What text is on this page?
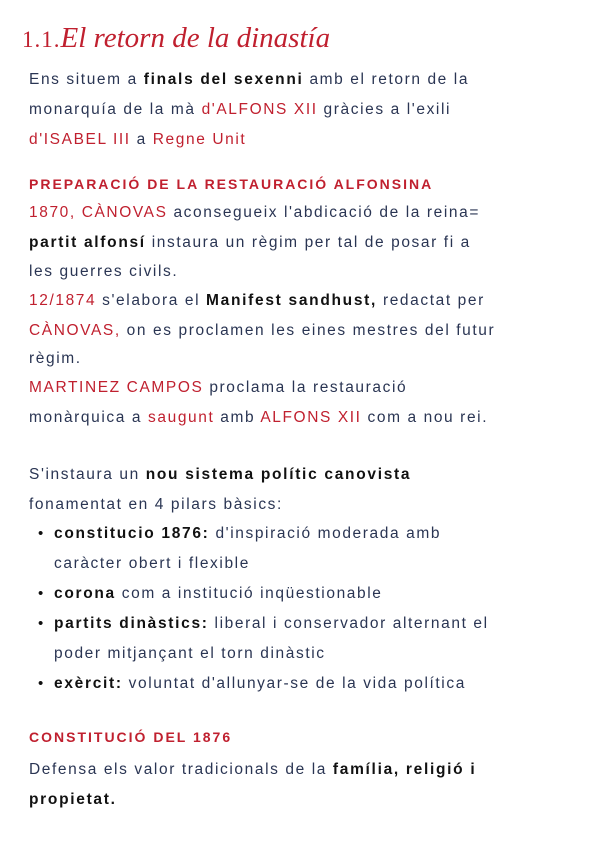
1.1.El retorn de la dinastía
Ens situem a finals del sexenni amb el retorn de la
monarquía de la mà d'ALFONS XII gràcies a l'exili
d'ISABEL III a Regne Unit
PREPARACIÓ DE LA RESTAURACIÓ ALFONSINA
1870, CÀNOVAS aconsegueix l'abdicació de la reina=
partit alfonsí instaura un règim per tal de posar fi a
les guerres civils.
12/1874 s'elabora el Manifest sandhust, redactat per
CÀNOVAS, on es proclamen les eines mestres del futur
règim.
MARTINEZ CAMPOS proclama la restauració
monàrquica a saugunt amb ALFONS XII com a nou rei.
S'instaura un nou sistema polític canovista
fonamentat en 4 pilars bàsics:
• constitucio 1876: d'inspiració moderada amb
caràcter obert i flexible
• corona com a institució inqüestionable
• partits dinàstics: liberal i conservador alternant el
poder mitjançant el torn dinàstic
• exèrcit: voluntat d'allunyar-se de la vida política
CONSTITUCIÓ DEL 1876
Defensa els valor tradicionals de la família, religió i
propietat.
